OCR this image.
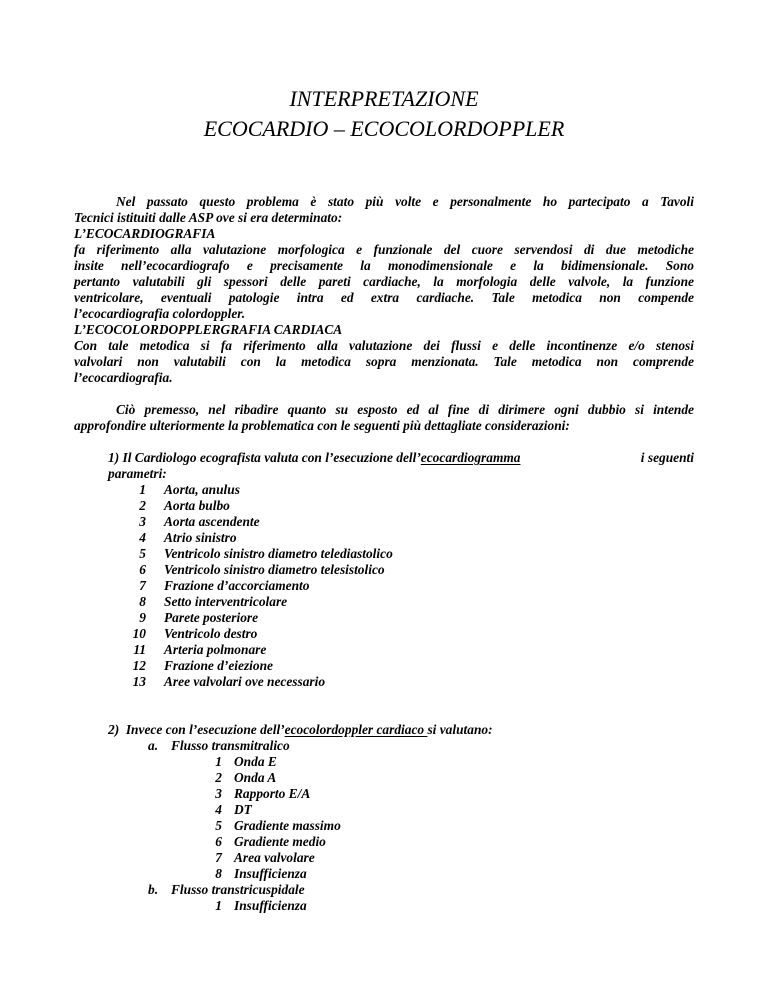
INTERPRETAZIONE
ECOCARDIO – ECOCOLORDOPPLER
Nel passato questo problema è stato più volte e personalmente ho partecipato a Tavoli
Tecnici istituiti dalle ASP ove si era determinato:
L’ECOCARDIOGRAFIA
fa riferimento alla valutazione morfologica e funzionale del cuore servendosi di due metodiche
insite nell’ecocardiografo e precisamente la monodimensionale e la bidimensionale. Sono
pertanto valutabili gli spessori delle pareti cardiache, la morfologia delle valvole, la funzione
ventricolare, eventuali patologie intra ed extra cardiache. Tale metodica non compende
l’ecocardiografia colordoppler.
L’ECOCOLORDOPPLERGRAFIA CARDIACA
Con tale metodica si fa riferimento alla valutazione dei flussi e delle incontinenze e/o stenosi
valvolari non valutabili con la metodica sopra menzionata. Tale metodica non comprende
l’ecocardiografia.
Ciò premesso, nel ribadire quanto su esposto ed al fine di dirimere ogni dubbio si intende
approfondire ulteriormente la problematica con le seguenti più dettagliate considerazioni:
1) Il Cardiologo ecografista valuta con l’esecuzione dell’ecocardiogramma	i seguenti
parametri:
1 Aorta, anulus
2 Aorta bulbo
3 Aorta ascendente
4 Atrio sinistro
5 Ventricolo sinistro diametro telediastolico
6 Ventricolo sinistro diametro telesistolico
7 Frazione d’accorciamento
8 Setto interventricolare
9 Parete posteriore
10 Ventricolo destro
11 Arteria polmonare
12 Frazione d’eiezione
13 Aree valvolari ove necessario
2)  Invece con l’esecuzione dell’ecocolordoppler cardiaco si valutano:
a. Flusso transmitralico
1 Onda E
2 Onda A
3 Rapporto E/A
4 DT
5 Gradiente massimo
6 Gradiente medio
7 Area valvolare
8 Insufficienza
b. Flusso transtricuspidale
1 Insufficienza
